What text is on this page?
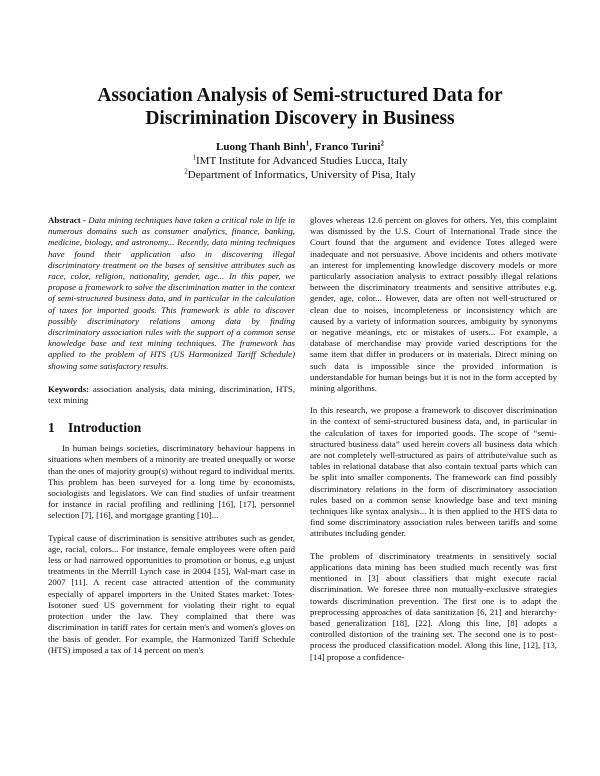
Association Analysis of Semi-structured Data for Discrimination Discovery in Business
Luong Thanh Binh$^1$, Franco Turini$^2$
$^1$IMT Institute for Advanced Studies Lucca, Italy
$^2$Department of Informatics, University of Pisa, Italy

Abstract - Data mining techniques have taken a critical role in life in numerous domains such as consumer analytics, finance, banking, medicine, biology, and astronomy... Recently, data mining techniques have found their application also in discovering illegal discriminatory treatment on the bases of sensitive attributes such as race, color, religion, nationality, gender, age... In this paper, we propose a framework to solve the discrimination matter in the context of semi-structured business data, and in particular in the calculation of taxes for imported goods. This framework is able to discover possibly discriminatory relations among data by finding discriminatory association rules with the support of a common sense knowledge base and text mining techniques. The framework has applied to the problem of HTS (US Harmonized Tariff Schedule) showing some satisfactory results.

Keywords: association analysis, data mining, discrimination, HTS, text mining

1 Introduction

In human beings societies, discriminatory behaviour happens in situations when members of a minority are treated unequally or worse than the ones of majority group(s) without regard to individual merits. This problem has been surveyed for a long time by economists, sociologists and legislators. We can find studies of unfair treatment for instance in racial profiling and redlining [16], [17], personnel selection [7], [16], and mortgage granting [10]...

Typical cause of discrimination is sensitive attributes such as gender, age, racial, colors... For instance, female employees were often paid less or had narrowed opportunities to promotion or bonus, e.g unjust treatments in the Merrill Lynch case in 2004 [15], Wal-mart case in 2007 [11]. A recent case attracted attention of the community especially of apparel importers in the United States market: Totes-Isotoner sued US government for violating their right to equal protection under the law. They complained that there was discrimination in tariff rates for certain men's and women's gloves on the basis of gender. For example, the Harmonized Tariff Schedule (HTS) imposed a tax of 14 percent on men's

gloves whereas 12.6 percent on gloves for others. Yet, this complaint was dismissed by the U.S. Court of International Trade since the Court found that the argument and evidence Totes alleged were inadequate and not persuasive. Above incidents and others motivate an interest for implementing knowledge discovery models or more particularly association analysis to extract possibly illegal relations between the discriminatory treatments and sensitive attributes e.g. gender, age, color... However, data are often not well-structured or clean due to noises, incompleteness or inconsistency which are caused by a variety of information sources, ambiguity by synonyms or negative meanings, etc or mistakes of users... For example, a database of merchandise may provide varied descriptions for the same item that differ in producers or in materials. Direct mining on such data is impossible since the provided information is understandable for human beings but it is not in the form accepted by mining algorithms.

In this research, we propose a framework to discover discrimination in the context of semi-structured business data, and, in particular in the calculation of taxes for imported goods. The scope of “semi-structured business data” used herein covers all business data which are not completely well-structured as pairs of attribute/value such as tables in relational database that also contain textual parts which can be split into smaller components. The framework can find possibly discriminatory relations in the form of discriminatory association rules based on a common sense knowledge base and text mining techniques like syntax analysis... It is then applied to the HTS data to find some discriminatory association rules between tariffs and some attributes including gender.

The problem of discriminatory treatments in sensitively social applications data mining has been studied much recently was first mentioned in [3] about classifiers that might execute racial discrimination. We foresee three non mutually-exclusive strategies towards discrimination prevention. The first one is to adapt the preprocessing approaches of data sanitization [6, 21] and hierarchy-based generalization [18], [22]. Along this line, [8] adopts a controlled distortion of the training set. The second one is to post-process the produced classification model. Along this line, [12], [13, [14] propose a confidence-
